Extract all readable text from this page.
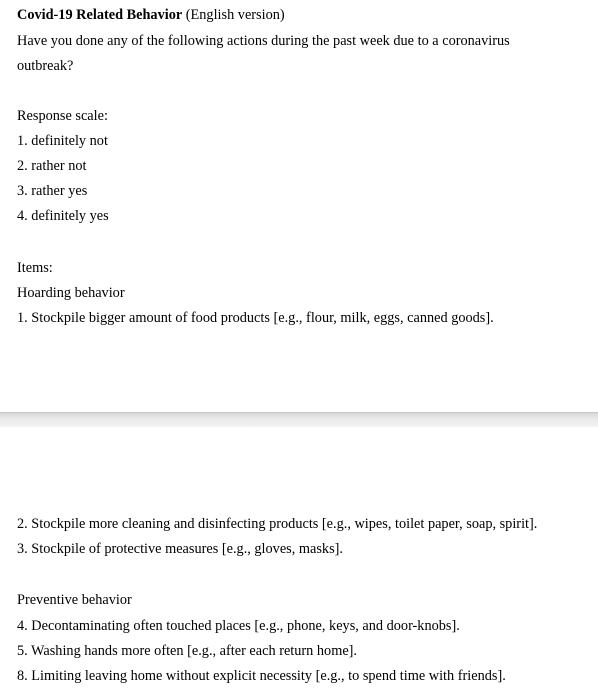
Covid-19 Related Behavior (English version)
Have you done any of the following actions during the past week due to a coronavirus
outbreak?
Response scale:
1. definitely not
2. rather not
3. rather yes
4. definitely yes
Items:
Hoarding behavior
1. Stockpile bigger amount of food products [e.g., flour, milk, eggs, canned goods].
2. Stockpile more cleaning and disinfecting products [e.g., wipes, toilet paper, soap, spirit].
3. Stockpile of protective measures [e.g., gloves, masks].
Preventive behavior
4. Decontaminating often touched places [e.g., phone, keys, and door-knobs].
5. Washing hands more often [e.g., after each return home].
8. Limiting leaving home without explicit necessity [e.g., to spend time with friends].
